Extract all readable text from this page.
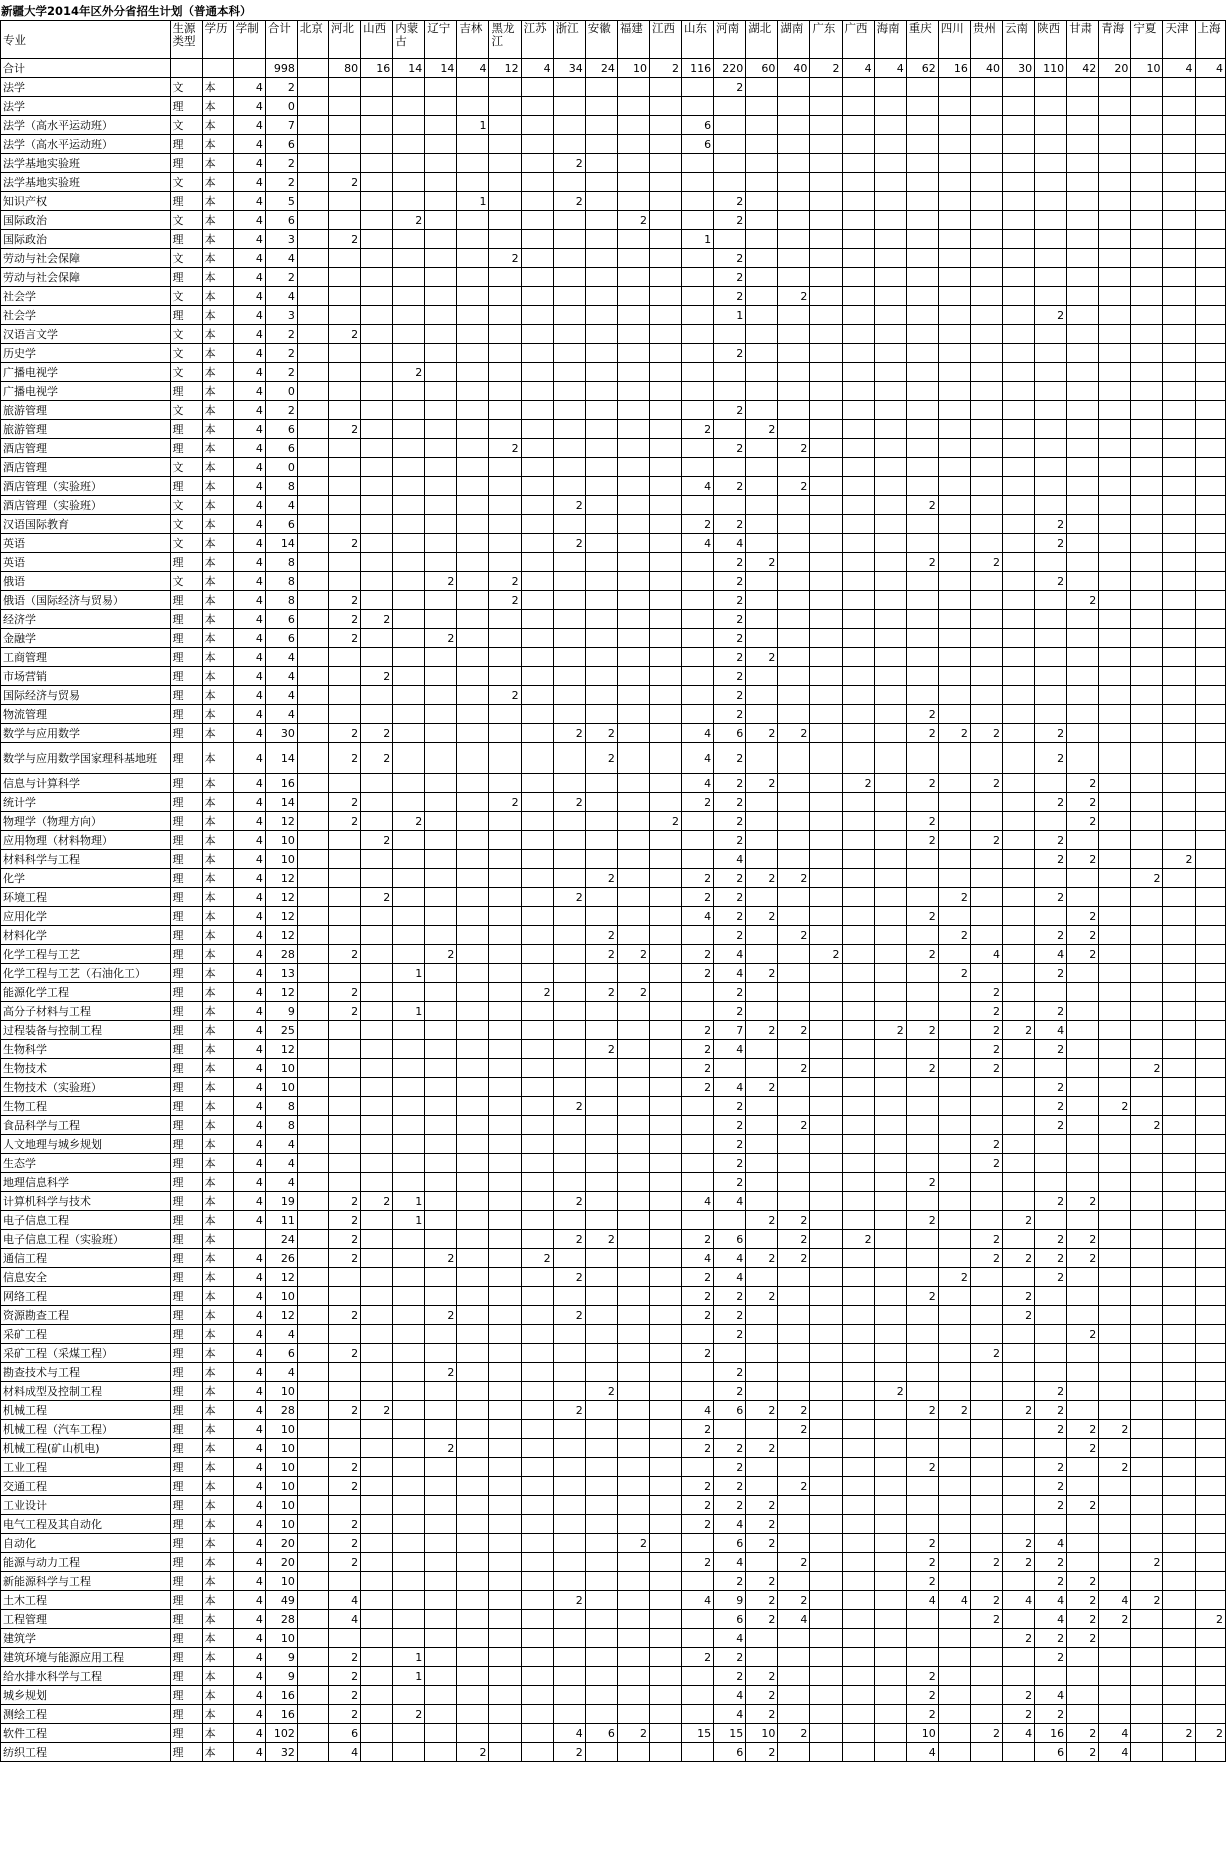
新疆大学2014年区外分省招生计划（普通本科）
专业	生源类型	学历	学制	合计	北京	河北	山西	内蒙古	辽宁	吉林	黑龙江	江苏	浙江	安徽	福建	江西	山东	河南	湖北	湖南	广东	广西	海南	重庆	四川	贵州	云南	陕西	甘肃	青海	宁夏	天津	上海
合计				998		80	16	14	14	4	12	4	34	24	10	2	116	220	60	40	2	4	4	62	16	40	30	110	42	20	10	4	4
法学	文	本	4	2														2															
法学	理	本	4	0																													
法学（高水平运动班）	文	本	4	7						1							6																
法学（高水平运动班）	理	本	4	6													6																
法学基地实验班	理	本	4	2									2																				
法学基地实验班	文	本	4	2		2																											
知识产权	理	本	4	5						1			2					2															
国际政治	文	本	4	6				2							2			2															
国际政治	理	本	4	3		2											1																
劳动与社会保障	文	本	4	4							2							2															
劳动与社会保障	理	本	4	2														2															
社会学	文	本	4	4														2		2													
社会学	理	本	4	3														1										2					
汉语言文学	文	本	4	2		2																											
历史学	文	本	4	2														2															
广播电视学	文	本	4	2				2																									
广播电视学	理	本	4	0																													
旅游管理	文	本	4	2														2															
旅游管理	理	本	4	6		2											2		2														
酒店管理	理	本	4	6							2							2		2													
酒店管理	文	本	4	0																													
酒店管理（实验班）	理	本	4	8													4	2		2													
酒店管理（实验班）	文	本	4	4									2											2									
汉语国际教育	文	本	4	6													2	2										2					
英语	文	本	4	14		2							2				4	4										2					
英语	理	本	4	8														2	2					2		2							
俄语	文	本	4	8					2		2							2										2					
俄语（国际经济与贸易）	理	本	4	8		2					2							2											2				
经济学	理	本	4	6		2	2											2															
金融学	理	本	4	6		2			2									2															
工商管理	理	本	4	4														2	2														
市场营销	理	本	4	4			2											2															
国际经济与贸易	理	本	4	4							2							2															
物流管理	理	本	4	4														2						2									
数学与应用数学	理	本	4	30		2	2						2	2			4	6	2	2				2	2	2		2					
数学与应用数学国家理科基地班	理	本	4	14		2	2							2			4	2										2					
信息与计算科学	理	本	4	16													4	2	2			2		2		2			2				
统计学	理	本	4	14		2					2		2				2	2										2	2				
物理学（物理方向）	理	本	4	12		2		2								2		2						2					2				
应用物理（材料物理）	理	本	4	10			2											2						2		2		2					
材料科学与工程	理	本	4	10														4										2	2			2	
化学	理	本	4	12										2			2	2	2	2											2		
环境工程	理	本	4	12			2						2				2	2							2			2					
应用化学	理	本	4	12													4	2	2					2					2				
材料化学	理	本	4	12										2				2		2					2			2	2				
化学工程与工艺	理	本	4	28		2			2					2	2		2	4			2			2		4		4	2				
化学工程与工艺（石油化工）	理	本	4	13				1									2	4	2						2			2					
能源化学工程	理	本	4	12		2						2		2	2			2								2							
高分子材料与工程	理	本	4	9		2		1										2								2		2					
过程装备与控制工程	理	本	4	25													2	7	2	2			2	2		2	2	4					
生物科学	理	本	4	12										2			2	4								2		2					
生物技术	理	本	4	10													2			2				2		2					2		
生物技术（实验班）	理	本	4	10													2	4	2									2					
生物工程	理	本	4	8									2					2										2		2			
食品科学与工程	理	本	4	8														2		2								2			2		
人文地理与城乡规划	理	本	4	4														2								2							
生态学	理	本	4	4														2								2							
地理信息科学	理	本	4	4														2						2									
计算机科学与技术	理	本	4	19		2	2	1					2				4	4										2	2				
电子信息工程	理	本	4	11		2		1											2	2				2			2						
电子信息工程（实验班）	理	本		24		2							2	2			2	6		2		2				2		2	2				
通信工程	理	本	4	26		2			2			2					4	4	2	2						2	2	2	2				
信息安全	理	本	4	12									2				2	4							2			2					
网络工程	理	本	4	10													2	2	2					2			2						
资源勘查工程	理	本	4	12		2			2				2				2	2									2						
采矿工程	理	本	4	4														2											2				
采矿工程（采煤工程）	理	本	4	6		2											2									2							
勘查技术与工程	理	本	4	4					2									2															
材料成型及控制工程	理	本	4	10										2				2					2					2					
机械工程	理	本	4	28		2	2						2				4	6	2	2				2	2		2	2					
机械工程（汽车工程）	理	本	4	10													2			2								2	2	2			
机械工程(矿山机电)	理	本	4	10					2								2	2	2										2				
工业工程	理	本	4	10		2												2						2				2		2			
交通工程	理	本	4	10		2											2	2		2								2					
工业设计	理	本	4	10													2	2	2									2	2				
电气工程及其自动化	理	本	4	10		2											2	4	2														
自动化	理	本	4	20		2									2			6	2					2			2	4					
能源与动力工程	理	本	4	20		2											2	4		2				2		2	2	2			2		
新能源科学与工程	理	本	4	10														2	2					2				2	2				
土木工程	理	本	4	49		4							2				4	9	2	2				4	4	2	4	4	2	4	2		
工程管理	理	本	4	28		4												6	2	4						2		4	2	2			2
建筑学	理	本	4	10														4									2	2	2				
建筑环境与能源应用工程	理	本	4	9		2		1									2	2										2					
给水排水科学与工程	理	本	4	9		2		1										2	2					2									
城乡规划	理	本	4	16		2												4	2					2			2	4					
测绘工程	理	本	4	16		2		2										4	2					2			2	2					
软件工程	理	本	4	102		6							4	6	2		15	15	10	2				10		2	4	16	2	4		2	2
纺织工程	理	本	4	32		4				2			2					6	2					4				6	2	4			
